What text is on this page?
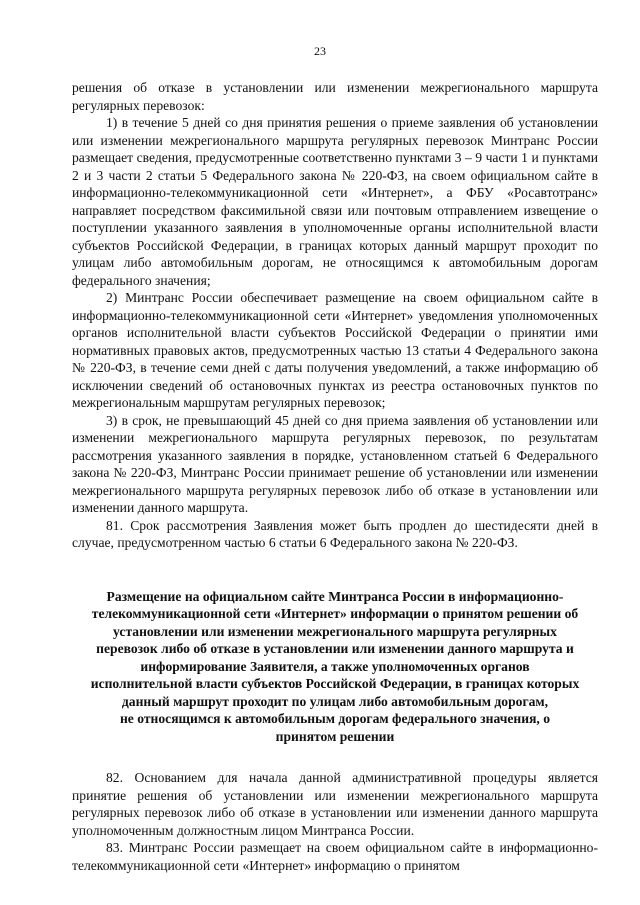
23

решения об отказе в установлении или изменении межрегионального маршрута регулярных перевозок:

1) в течение 5 дней со дня принятия решения о приеме заявления об установлении или изменении межрегионального маршрута регулярных перевозок Минтранс России размещает сведения, предусмотренные соответственно пунктами 3 – 9 части 1 и пунктами 2 и 3 части 2 статьи 5 Федерального закона № 220-ФЗ, на своем официальном сайте в информационно-телекоммуникационной сети «Интернет», а ФБУ «Росавтотранс» направляет посредством факсимильной связи или почтовым отправлением извещение о поступлении указанного заявления в уполномоченные органы исполнительной власти субъектов Российской Федерации, в границах которых данный маршрут проходит по улицам либо автомобильным дорогам, не относящимся к автомобильным дорогам федерального значения;

2) Минтранс России обеспечивает размещение на своем официальном сайте в информационно-телекоммуникационной сети «Интернет» уведомления уполномоченных органов исполнительной власти субъектов Российской Федерации о принятии ими нормативных правовых актов, предусмотренных частью 13 статьи 4 Федерального закона № 220-ФЗ, в течение семи дней с даты получения уведомлений, а также информацию об исключении сведений об остановочных пунктах из реестра остановочных пунктов по межрегиональным маршрутам регулярных перевозок;

3) в срок, не превышающий 45 дней со дня приема заявления об установлении или изменении межрегионального маршрута регулярных перевозок, по результатам рассмотрения указанного заявления в порядке, установленном статьей 6 Федерального закона № 220-ФЗ, Минтранс России принимает решение об установлении или изменении межрегионального маршрута регулярных перевозок либо об отказе в установлении или изменении данного маршрута.

81. Срок рассмотрения Заявления может быть продлен до шестидесяти дней в случае, предусмотренном частью 6 статьи 6 Федерального закона № 220-ФЗ.

Размещение на официальном сайте Минтранса России в информационно-
телекоммуникационной сети «Интернет» информации о принятом решении об
установлении или изменении межрегионального маршрута регулярных
перевозок либо об отказе в установлении или изменении данного маршрута и
информирование Заявителя, а также уполномоченных органов
исполнительной власти субъектов Российской Федерации, в границах которых
данный маршрут проходит по улицам либо автомобильным дорогам,
не относящимся к автомобильным дорогам федерального значения, о
принятом решении

82. Основанием для начала данной административной процедуры является принятие решения об установлении или изменении межрегионального маршрута регулярных перевозок либо об отказе в установлении или изменении данного маршрута уполномоченным должностным лицом Минтранса России.

83. Минтранс России размещает на своем официальном сайте в информационно-телекоммуникационной сети «Интернет» информацию о принятом
